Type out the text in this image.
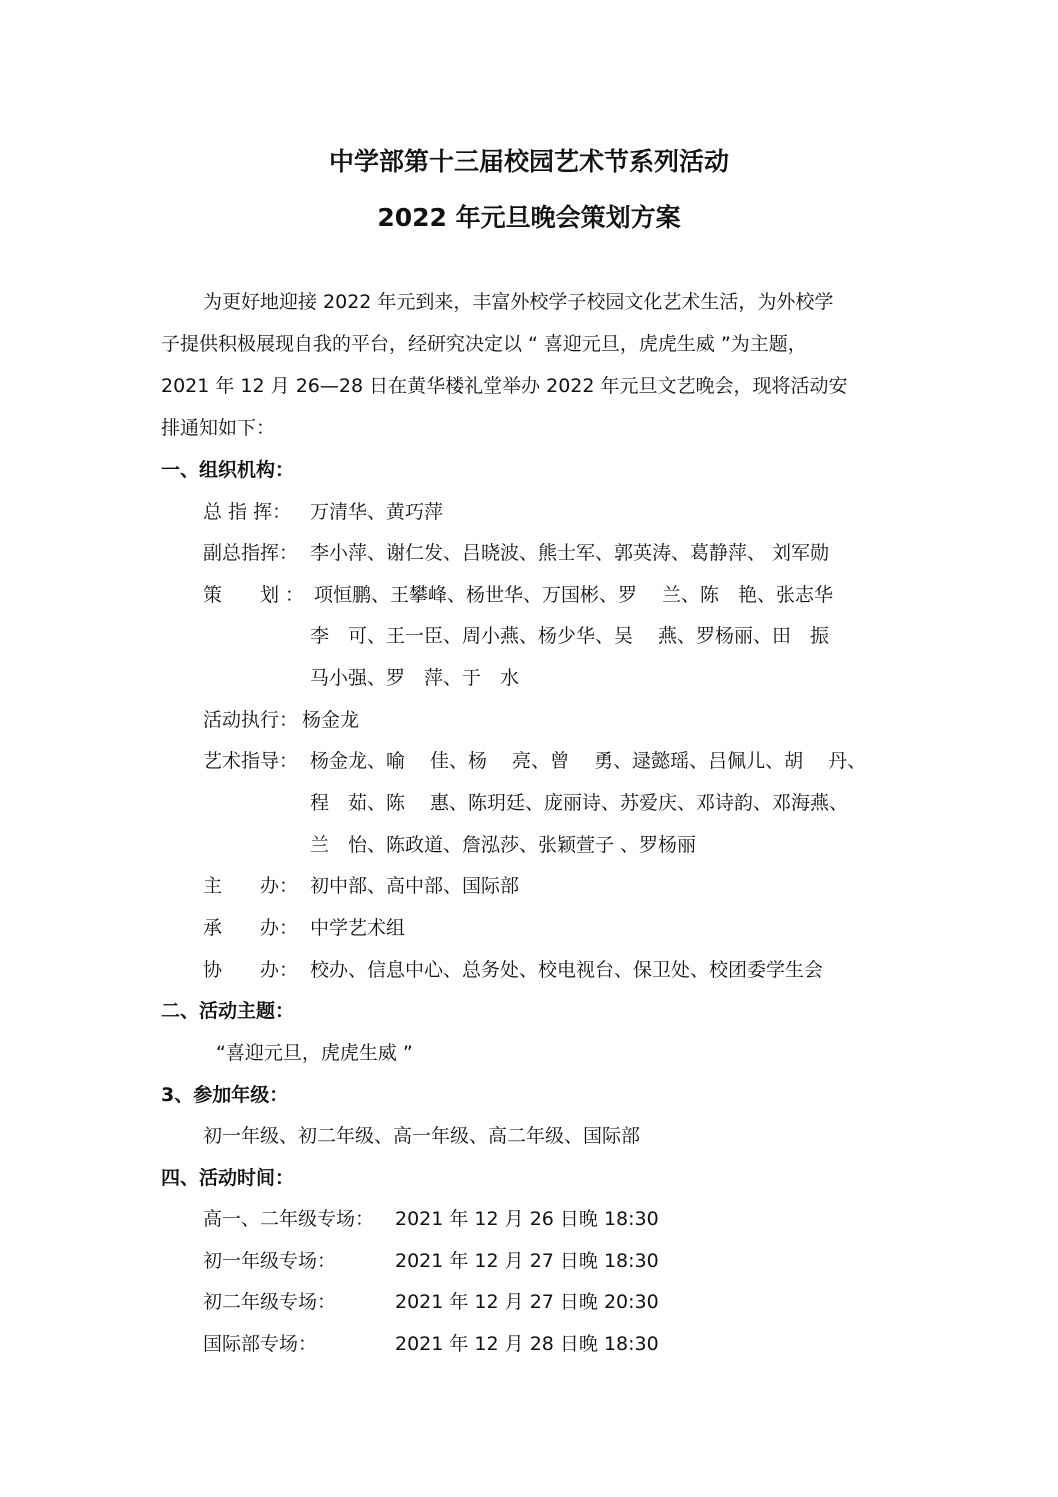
中学部第十三届校园艺术节系列活动
2022 年元旦晚会策划方案
为更好地迎接 2022 年元到来，丰富外校学子校园文化艺术生活，为外校学
子提供积极展现自我的平台，经研究决定以 “ 喜迎元旦，虎虎生威 ”为主题，
2021 年 12 月 26—28 日在黄华楼礼堂举办 2022 年元旦文艺晚会，现将活动安
排通知如下：
一、组织机构：
总 指 挥： 万清华、黄巧萍
副总指挥： 李小萍、谢仁发、吕晓波、熊士军、郭英涛、葛静萍、 刘军勋
策　　划 ： 项恒鹏、王攀峰、杨世华、万国彬、罗　 兰、陈　艳、张志华
李　可、王一臣、周小燕、杨少华、吴　 燕、罗杨丽、田　振
马小强、罗　萍、于　水
活动执行： 杨金龙
艺术指导： 杨金龙、喻　 佳、杨　 亮、曾　 勇、逯懿瑶、吕佩儿、胡　 丹、
程　茹、陈　 惠、陈玥廷、庞丽诗、苏爱庆、邓诗韵、邓海燕、
兰　怡、陈政道、詹泓莎、张颖萱子 、罗杨丽
主　　办： 初中部、高中部、国际部
承　　办： 中学艺术组
协　　办： 校办、信息中心、总务处、校电视台、保卫处、校团委学生会
二、活动主题：
“喜迎元旦，虎虎生威 ”
3、参加年级：
初一年级、初二年级、高一年级、高二年级、国际部
四、活动时间：
高一、二年级专场： 2021 年 12 月 26 日晚 18:30
初一年级专场：	2021 年 12 月 27 日晚 18:30
初二年级专场：	2021 年 12 月 27 日晚 20:30
国际部专场：	2021 年 12 月 28 日晚 18:30
